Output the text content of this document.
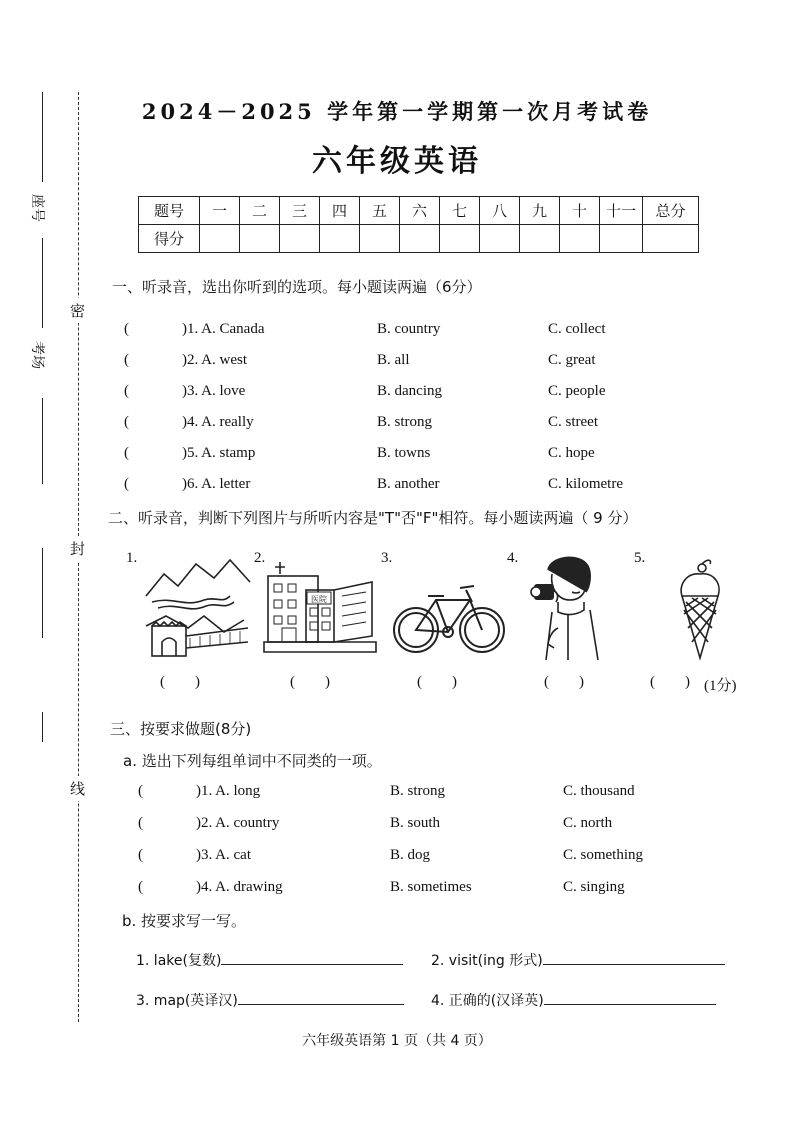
座号
考场
密
封
线
2024－2025 学年第一学期第一次月考试卷
六年级英语
题号	一	二	三	四	五	六	七	八	九	十	十一	总分
得分												
一、听录音，选出你听到的选项。每小题读两遍（6分）
(	)1. A. Canada	B. country	C. collect
(	)2. A. west	B. all	C. great
(	)3. A. love	B. dancing	C. people
(	)4. A. really	B. strong	C. street
(	)5. A. stamp	B. towns	C. hope
(	)6. A. letter	B. another	C. kilometre
二、听录音，判断下列图片与所听内容是"T"否"F"相符。每小题读两遍（ 9 分）
1.	2.	3.	4.	5.
医院
(        )	(        )	(        )	(        )	(        ) (1分)
三、按要求做题(8分)
a. 选出下列每组单词中不同类的一项。
(	)1. A. long	B. strong	C. thousand
(	)2. A. country	B. south	C. north
(	)3. A. cat	B. dog	C. something
(	)4. A. drawing	B. sometimes	C. singing
b. 按要求写一写。
1. lake(复数)	2. visit(ing 形式)
3. map(英译汉)	4. 正确的(汉译英)
六年级英语第 1 页（共 4 页）
